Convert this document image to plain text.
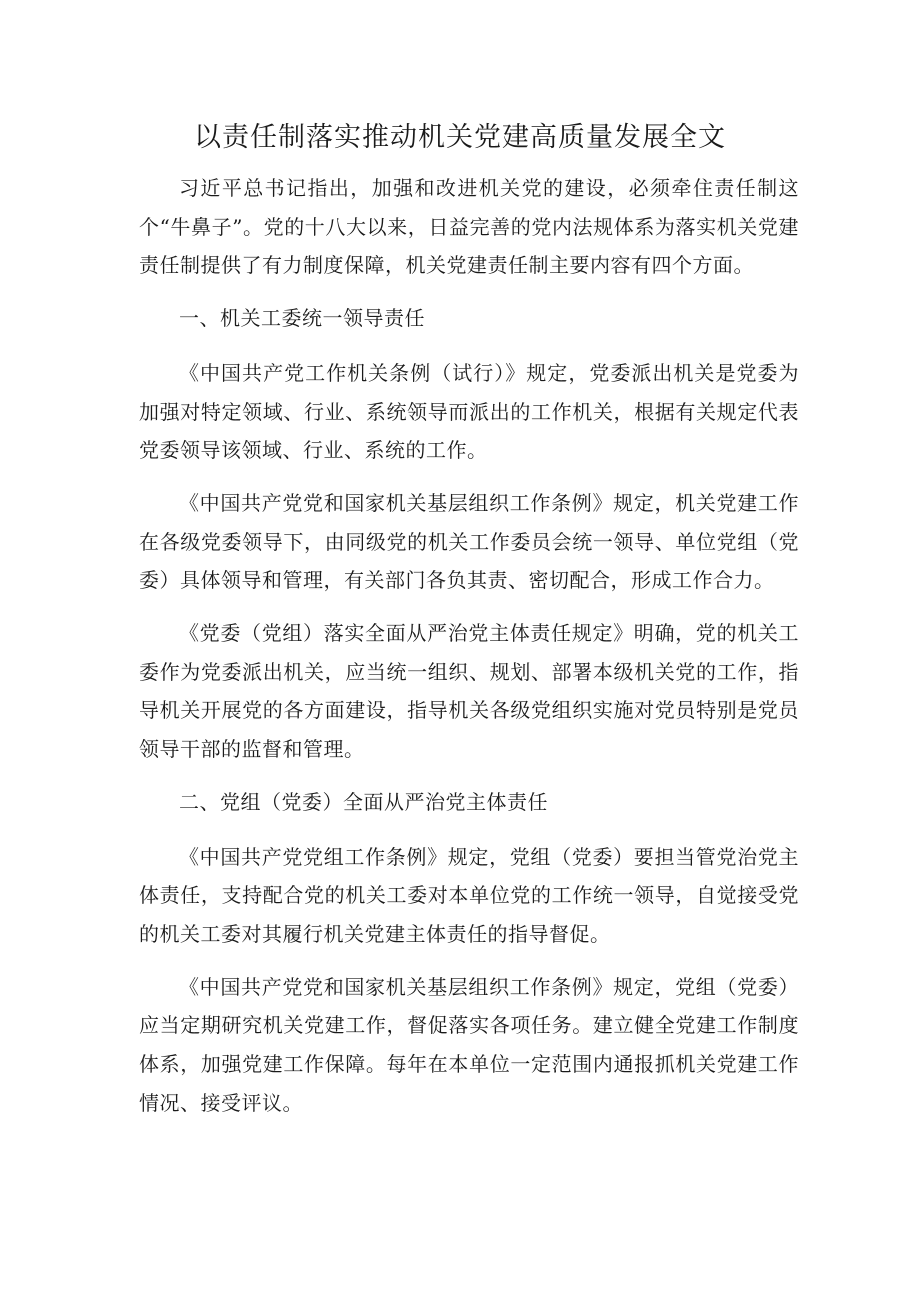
以责任制落实推动机关党建高质量发展全文

习近平总书记指出，加强和改进机关党的建设，必须牵住责任制这个“牛鼻子”。党的十八大以来，日益完善的党内法规体系为落实机关党建责任制提供了有力制度保障，机关党建责任制主要内容有四个方面。

一、机关工委统一领导责任

《中国共产党工作机关条例（试行）》规定，党委派出机关是党委为加强对特定领域、行业、系统领导而派出的工作机关，根据有关规定代表党委领导该领域、行业、系统的工作。

《中国共产党党和国家机关基层组织工作条例》规定，机关党建工作在各级党委领导下，由同级党的机关工作委员会统一领导、单位党组（党委）具体领导和管理，有关部门各负其责、密切配合，形成工作合力。

《党委（党组）落实全面从严治党主体责任规定》明确，党的机关工委作为党委派出机关，应当统一组织、规划、部署本级机关党的工作，指导机关开展党的各方面建设，指导机关各级党组织实施对党员特别是党员领导干部的监督和管理。

二、党组（党委）全面从严治党主体责任

《中国共产党党组工作条例》规定，党组（党委）要担当管党治党主体责任，支持配合党的机关工委对本单位党的工作统一领导，自觉接受党的机关工委对其履行机关党建主体责任的指导督促。

《中国共产党党和国家机关基层组织工作条例》规定，党组（党委）应当定期研究机关党建工作，督促落实各项任务。建立健全党建工作制度体系，加强党建工作保障。每年在本单位一定范围内通报抓机关党建工作情况、接受评议。
